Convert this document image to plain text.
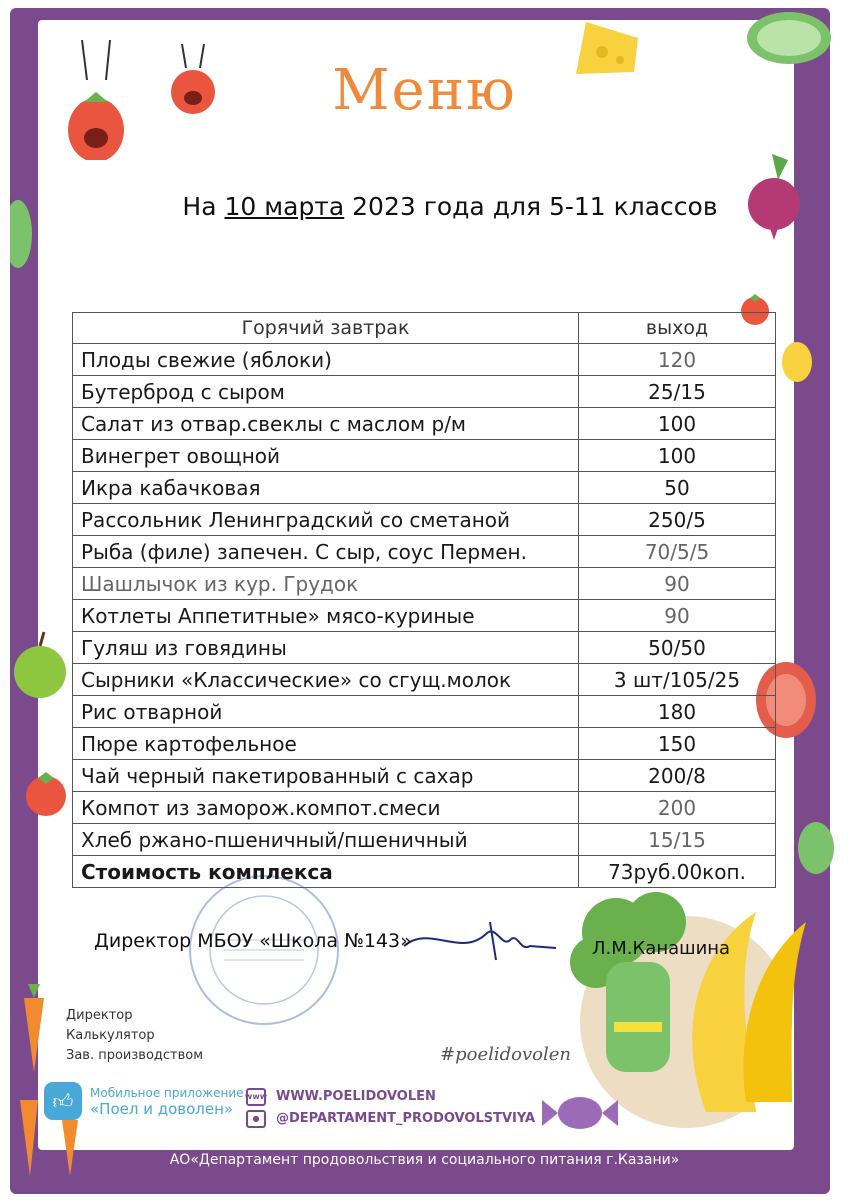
Меню
На 10 марта 2023 года для 5-11 классов
Горячий завтрак	выход
Плоды свежие (яблоки)	120
Бутерброд с сыром	25/15
Салат из отвар.свеклы с маслом р/м	100
Винегрет овощной	100
Икра кабачковая	50
Рассольник Ленинградский со сметаной	250/5
Рыба (филе) запечен. С сыр, соус Пермен.	70/5/5
Шашлычок из кур. Грудок	90
Котлеты Аппетитные» мясо-куриные	90
Гуляш из говядины	50/50
Сырники «Классические» со сгущ.молок	3 шт/105/25
Рис отварной	180
Пюре картофельное	150
Чай черный пакетированный с сахар	200/8
Компот из заморож.компот.смеси	200
Хлеб ржано-пшеничный/пшеничный	15/15
Стоимость комплекса	73руб.00коп.
Директор МБОУ «Школа №143»	Л.М.Канашина
Директор
Калькулятор
Зав. производством	#poelidovolen
👍︎	Мобильное приложение
«Поел и доволен»
www WWW.POELIDOVOLEN
●	@DEPARTAMENT_PRODOVOLSTVIYA
АО«Департамент продовольствия и социального питания г.Казани»
